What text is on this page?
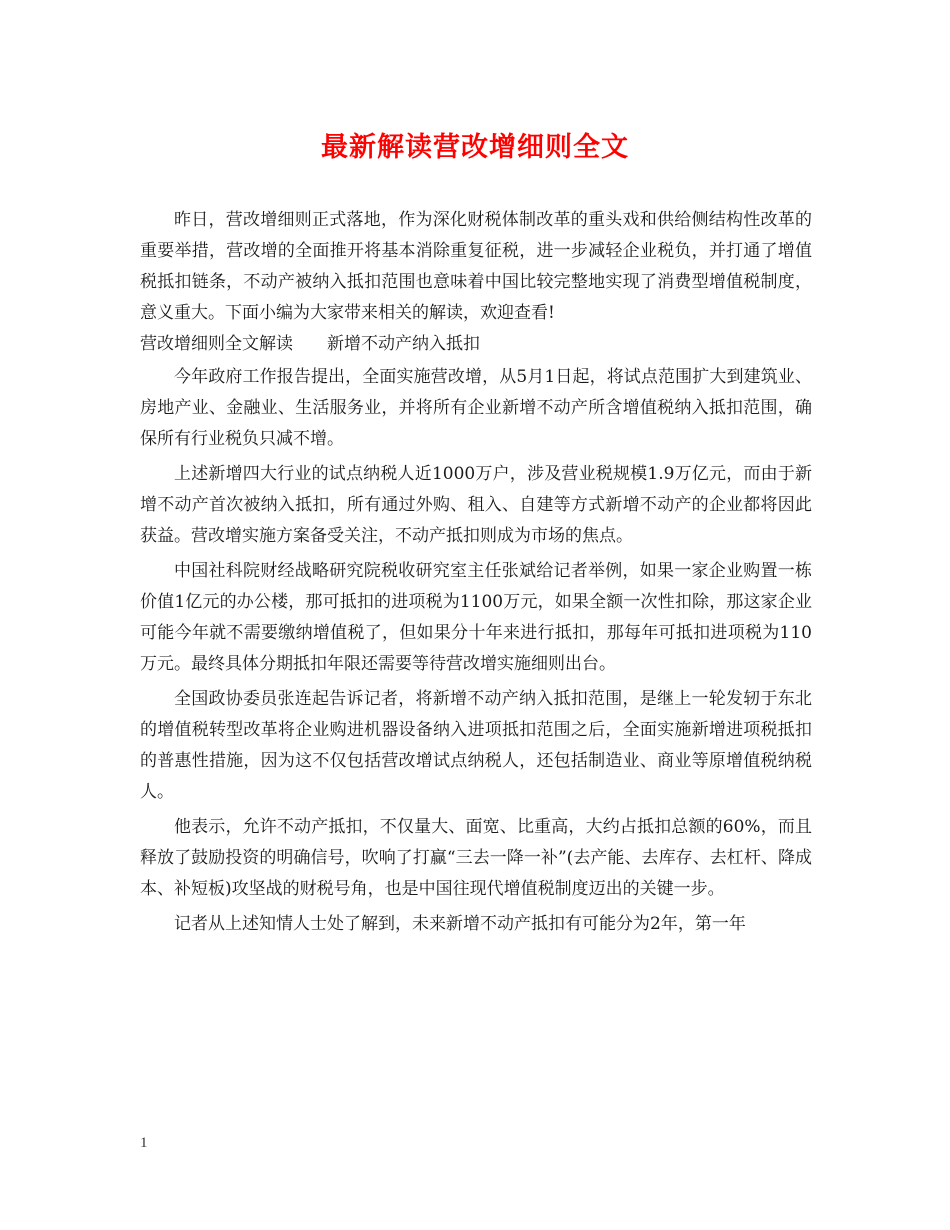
最新解读营改增细则全文

昨日，营改增细则正式落地，作为深化财税体制改革的重头戏和供给侧结构性改革的重要举措，营改增的全面推开将基本消除重复征税，进一步减轻企业税负，并打通了增值税抵扣链条，不动产被纳入抵扣范围也意味着中国比较完整地实现了消费型增值税制度，意义重大。下面小编为大家带来相关的解读，欢迎查看!

营改增细则全文解读 新增不动产纳入抵扣

今年政府工作报告提出，全面实施营改增，从5月1日起，将试点范围扩大到建筑业、房地产业、金融业、生活服务业，并将所有企业新增不动产所含增值税纳入抵扣范围，确保所有行业税负只减不增。

上述新增四大行业的试点纳税人近1000万户，涉及营业税规模1.9万亿元，而由于新增不动产首次被纳入抵扣，所有通过外购、租入、自建等方式新增不动产的企业都将因此获益。营改增实施方案备受关注，不动产抵扣则成为市场的焦点。

中国社科院财经战略研究院税收研究室主任张斌给记者举例，如果一家企业购置一栋价值1亿元的办公楼，那可抵扣的进项税为1100万元，如果全额一次性扣除，那这家企业可能今年就不需要缴纳增值税了，但如果分十年来进行抵扣，那每年可抵扣进项税为110万元。最终具体分期抵扣年限还需要等待营改增实施细则出台。

全国政协委员张连起告诉记者，将新增不动产纳入抵扣范围，是继上一轮发轫于东北的增值税转型改革将企业购进机器设备纳入进项抵扣范围之后，全面实施新增进项税抵扣的普惠性措施，因为这不仅包括营改增试点纳税人，还包括制造业、商业等原增值税纳税人。

他表示，允许不动产抵扣，不仅量大、面宽、比重高，大约占抵扣总额的60%，而且释放了鼓励投资的明确信号，吹响了打赢“三去一降一补”(去产能、去库存、去杠杆、降成本、补短板)攻坚战的财税号角，也是中国往现代增值税制度迈出的关键一步。

记者从上述知情人士处了解到，未来新增不动产抵扣有可能分为2年，第一年

1
